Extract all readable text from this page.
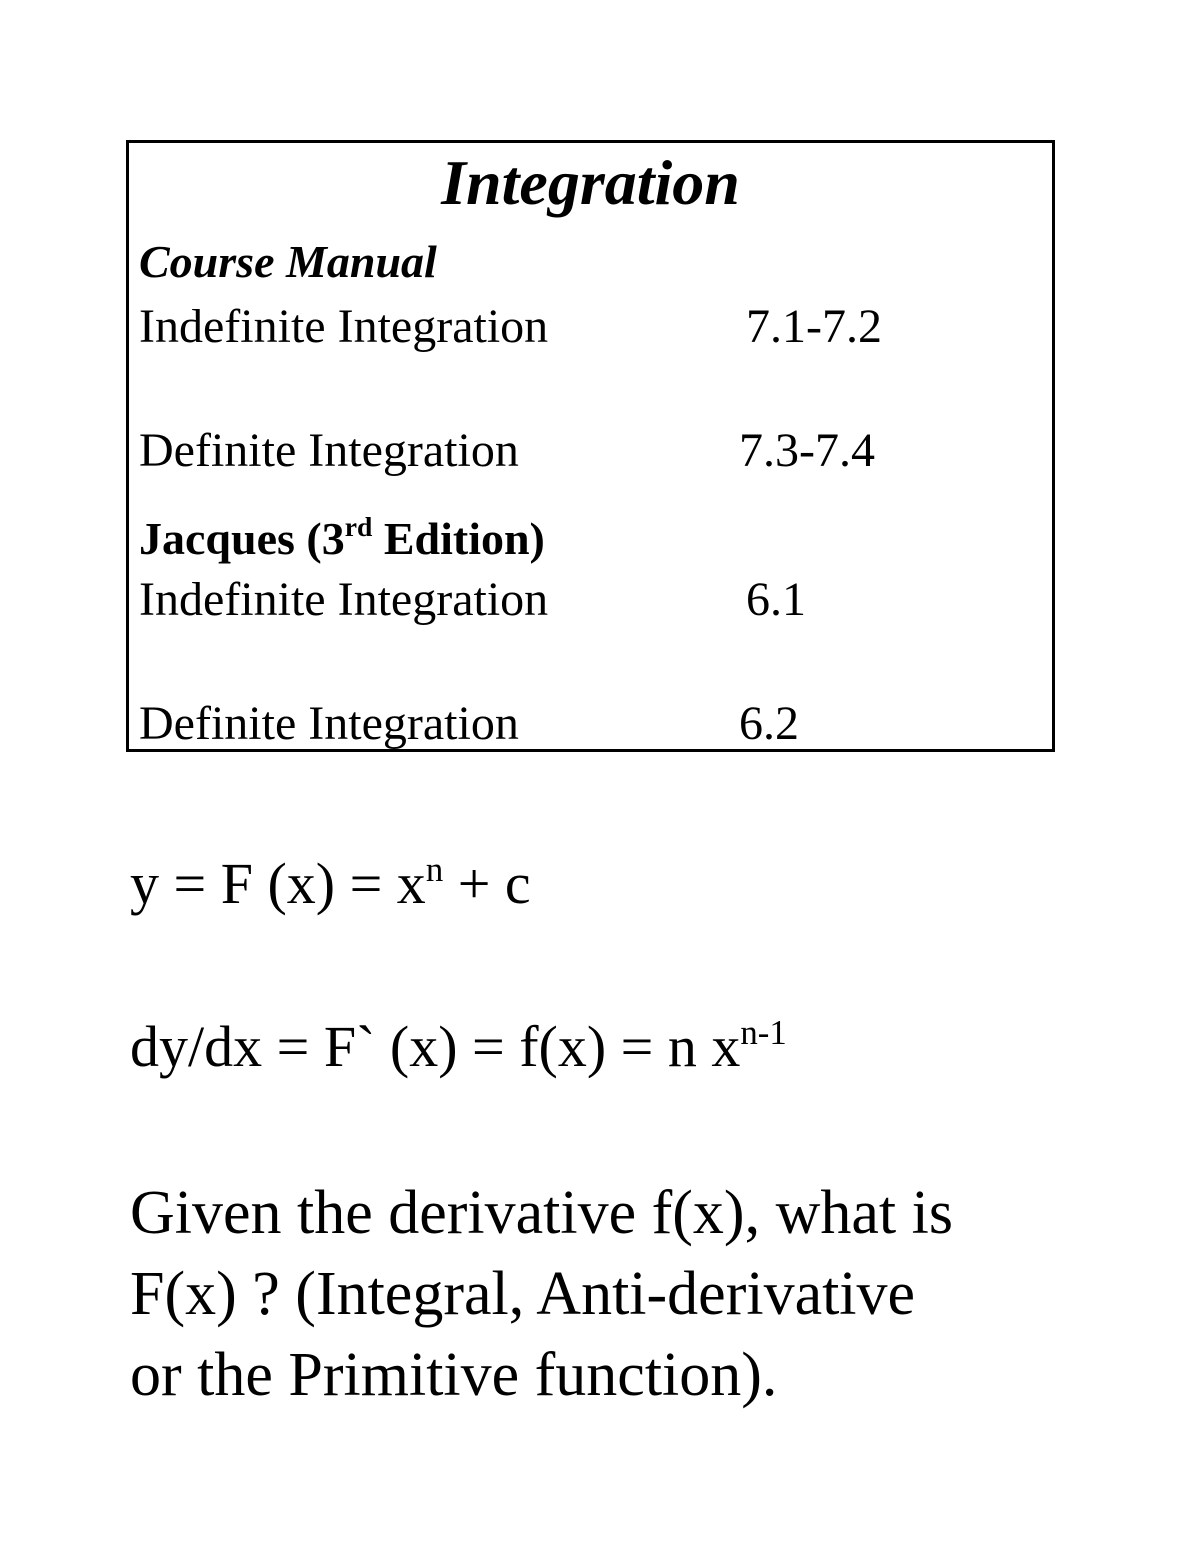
Integration
Course Manual
Indefinite Integration	7.1-7.2
Definite Integration	7.3-7.4
Jacques (3rd Edition)
Indefinite Integration	6.1
Definite Integration	6.2
y = F $(x) = x^n + c$
dy/dx = F` (x) = f(x) = n $x^{n-1}$
Given the derivative f(x), what is
F(x) ? (Integral, Anti-derivative
or the Primitive function).
